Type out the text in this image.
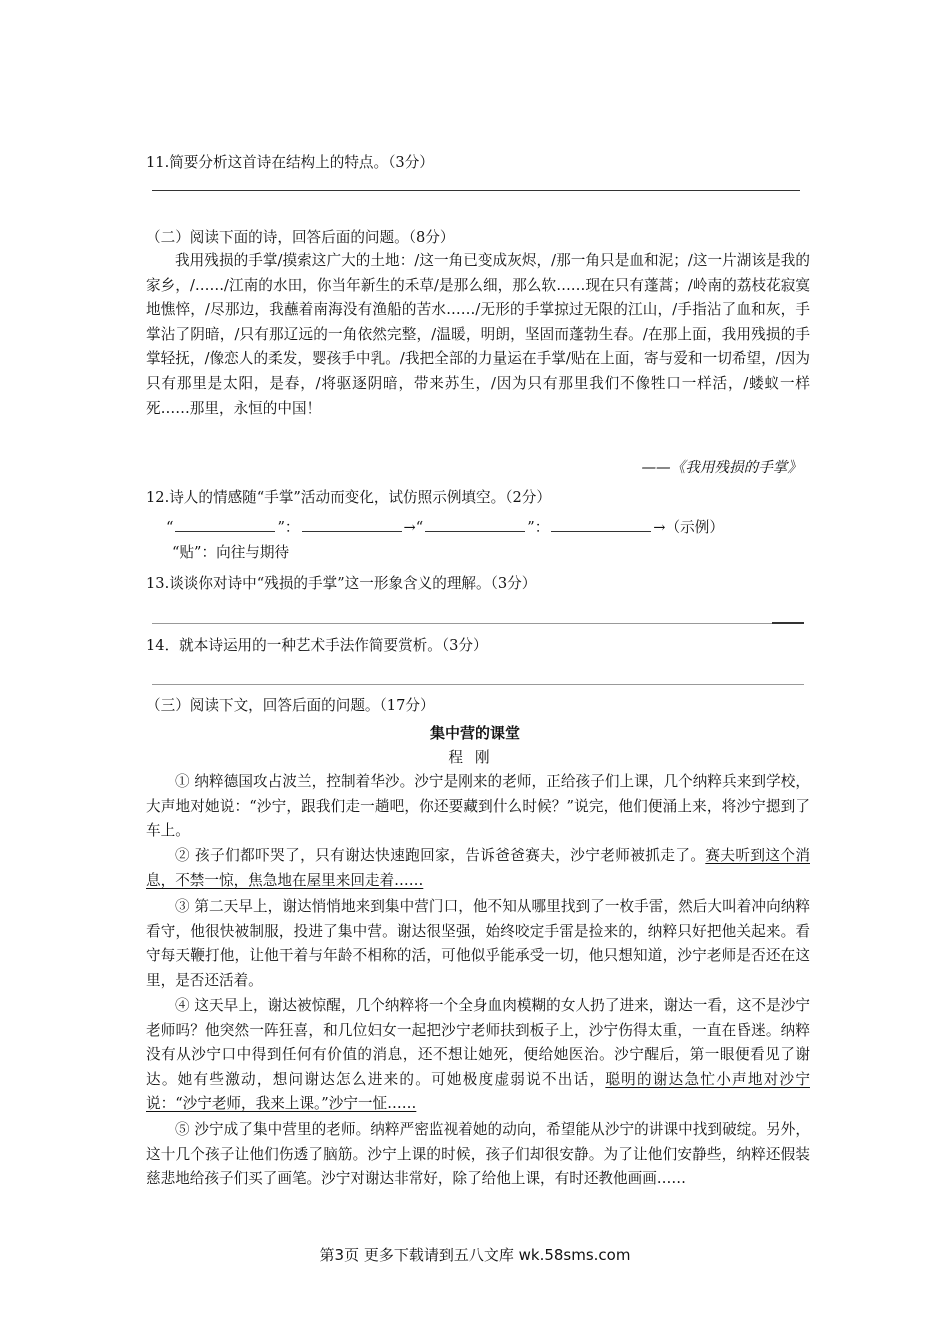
11.简要分析这首诗在结构上的特点。（3分）
（二）阅读下面的诗，回答后面的问题。（8分）
我用残损的手掌/摸索这广大的土地：/这一角已变成灰烬，/那一角只是血和泥；/这一片湖该是我的家乡，/……/江南的水田，你当年新生的禾草/是那么细，那么软……现在只有蓬蒿；/岭南的荔枝花寂寞地憔悴，/尽那边，我蘸着南海没有渔船的苦水……/无形的手掌掠过无限的江山，/手指沾了血和灰，手掌沾了阴暗，/只有那辽远的一角依然完整，/温暖，明朗，坚固而蓬勃生春。/在那上面，我用残损的手掌轻抚，/像恋人的柔发，婴孩手中乳。/我把全部的力量运在手掌/贴在上面，寄与爱和一切希望，/因为只有那里是太阳，是春，/将驱逐阴暗，带来苏生，/因为只有那里我们不像牲口一样活，/蝼蚁一样死……那里，永恒的中国！
——《我用残损的手掌》
12.诗人的情感随“手掌”活动而变化，试仿照示例填空。（2分）
“	”：	→“	”：	→（示例）
“贴”：向往与期待
13.谈谈你对诗中“残损的手掌”这一形象含义的理解。（3分）
14．就本诗运用的一种艺术手法作简要赏析。（3分）
（三）阅读下文，回答后面的问题。（17分）
集中营的课堂
程刚
① 纳粹德国攻占波兰，控制着华沙。沙宁是刚来的老师，正给孩子们上课，几个纳粹兵来到学校，大声地对她说：“沙宁，跟我们走一趟吧，你还要藏到什么时候？”说完，他们便涌上来，将沙宁摁到了车上。
② 孩子们都吓哭了，只有谢达快速跑回家，告诉爸爸赛夫，沙宁老师被抓走了。赛夫听到这个消息，不禁一惊，焦急地在屋里来回走着……
③ 第二天早上，谢达悄悄地来到集中营门口，他不知从哪里找到了一枚手雷，然后大叫着冲向纳粹看守，他很快被制服，投进了集中营。谢达很坚强，始终咬定手雷是捡来的，纳粹只好把他关起来。看守每天鞭打他，让他干着与年龄不相称的活，可他似乎能承受一切，他只想知道，沙宁老师是否还在这里，是否还活着。
④ 这天早上，谢达被惊醒，几个纳粹将一个全身血肉模糊的女人扔了进来，谢达一看，这不是沙宁老师吗？他突然一阵狂喜，和几位妇女一起把沙宁老师扶到板子上，沙宁伤得太重，一直在昏迷。纳粹没有从沙宁口中得到任何有价值的消息，还不想让她死，便给她医治。沙宁醒后，第一眼便看见了谢达。她有些激动，想问谢达怎么进来的。可她极度虚弱说不出话，聪明的谢达急忙小声地对沙宁说：“沙宁老师，我来上课。”沙宁一怔……
⑤ 沙宁成了集中营里的老师。纳粹严密监视着她的动向，希望能从沙宁的讲课中找到破绽。另外，这十几个孩子让他们伤透了脑筋。沙宁上课的时候，孩子们却很安静。为了让他们安静些，纳粹还假装慈悲地给孩子们买了画笔。沙宁对谢达非常好，除了给他上课，有时还教他画画……
第3页 更多下载请到五八文库 wk.58sms.com
